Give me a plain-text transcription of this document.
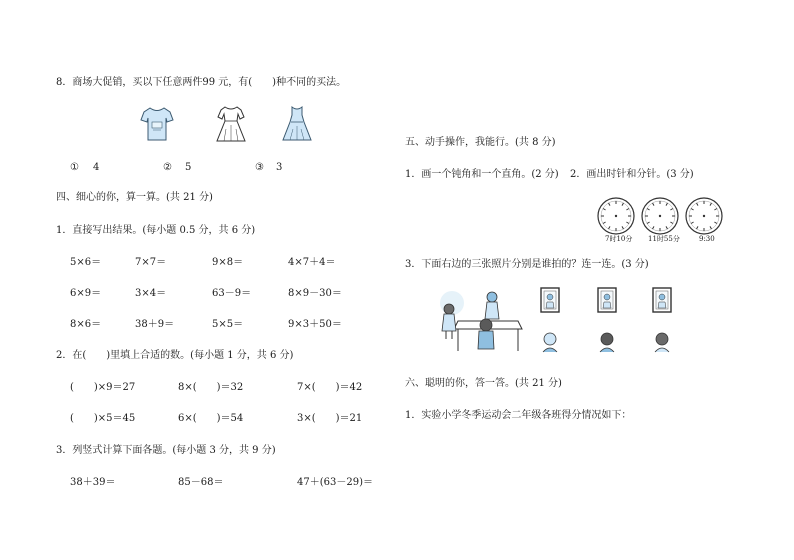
8．商场大促销，买以下任意两件99 元，有(　　)种不同的买法。
① 4	② 5	③ 3
四、细心的你，算一算。(共 21 分)
1．直接写出结果。(每小题 0.5 分，共 6 分)
5×6＝	7×7＝	9×8＝	4×7＋4＝
6×9＝	3×4＝	63－9＝	8×9－30＝
8×6＝	38＋9＝	5×5＝	9×3＋50＝
2．在(　　)里填上合适的数。(每小题 1 分，共 6 分)
(　　)×9＝27	8×(　　)＝32	7×(　　)＝42
(　　)×5＝45	6×(　　)＝54	3×(　　)＝21
3．列竖式计算下面各题。(每小题 3 分，共 9 分)
38＋39＝	85－68＝	47＋(63－29)＝
五、动手操作，我能行。(共 8 分)
1．画一个钝角和一个直角。(2 分) 2．画出时针和分针。(3 分)
7时10分 11时55分	9:30
3．下面右边的三张照片分别是谁拍的？连一连。(3 分)
六、聪明的你，答一答。(共 21 分)
1．实验小学冬季运动会二年级各班得分情况如下：
